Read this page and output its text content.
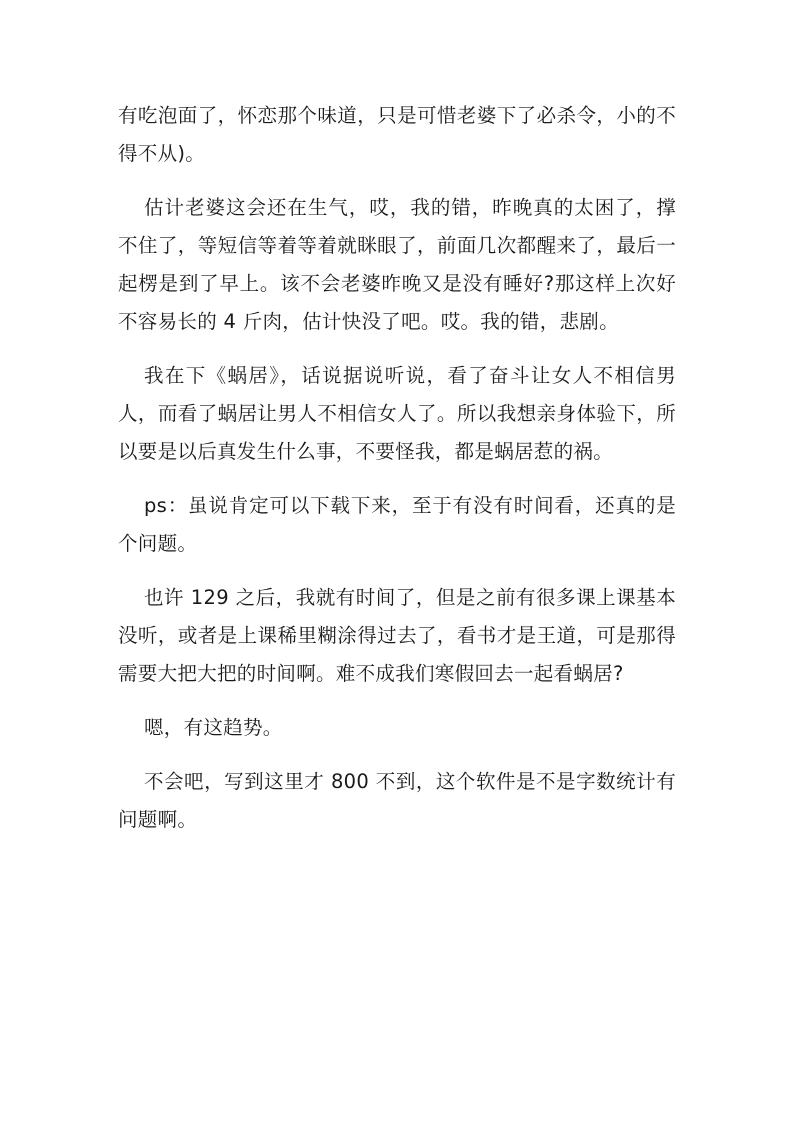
有吃泡面了，怀恋那个味道，只是可惜老婆下了必杀令，小的不得不从)。

估计老婆这会还在生气，哎，我的错，昨晚真的太困了，撑不住了，等短信等着等着就眯眼了，前面几次都醒来了，最后一起楞是到了早上。该不会老婆昨晚又是没有睡好?那这样上次好不容易长的 4 斤肉，估计快没了吧。哎。我的错，悲剧。

我在下《蜗居》，话说据说听说，看了奋斗让女人不相信男人，而看了蜗居让男人不相信女人了。所以我想亲身体验下，所以要是以后真发生什么事，不要怪我，都是蜗居惹的祸。

ps：虽说肯定可以下载下来，至于有没有时间看，还真的是个问题。

也许 129 之后，我就有时间了，但是之前有很多课上课基本没听，或者是上课稀里糊涂得过去了，看书才是王道，可是那得需要大把大把的时间啊。难不成我们寒假回去一起看蜗居?

嗯，有这趋势。

不会吧，写到这里才 800 不到，这个软件是不是字数统计有问题啊。
